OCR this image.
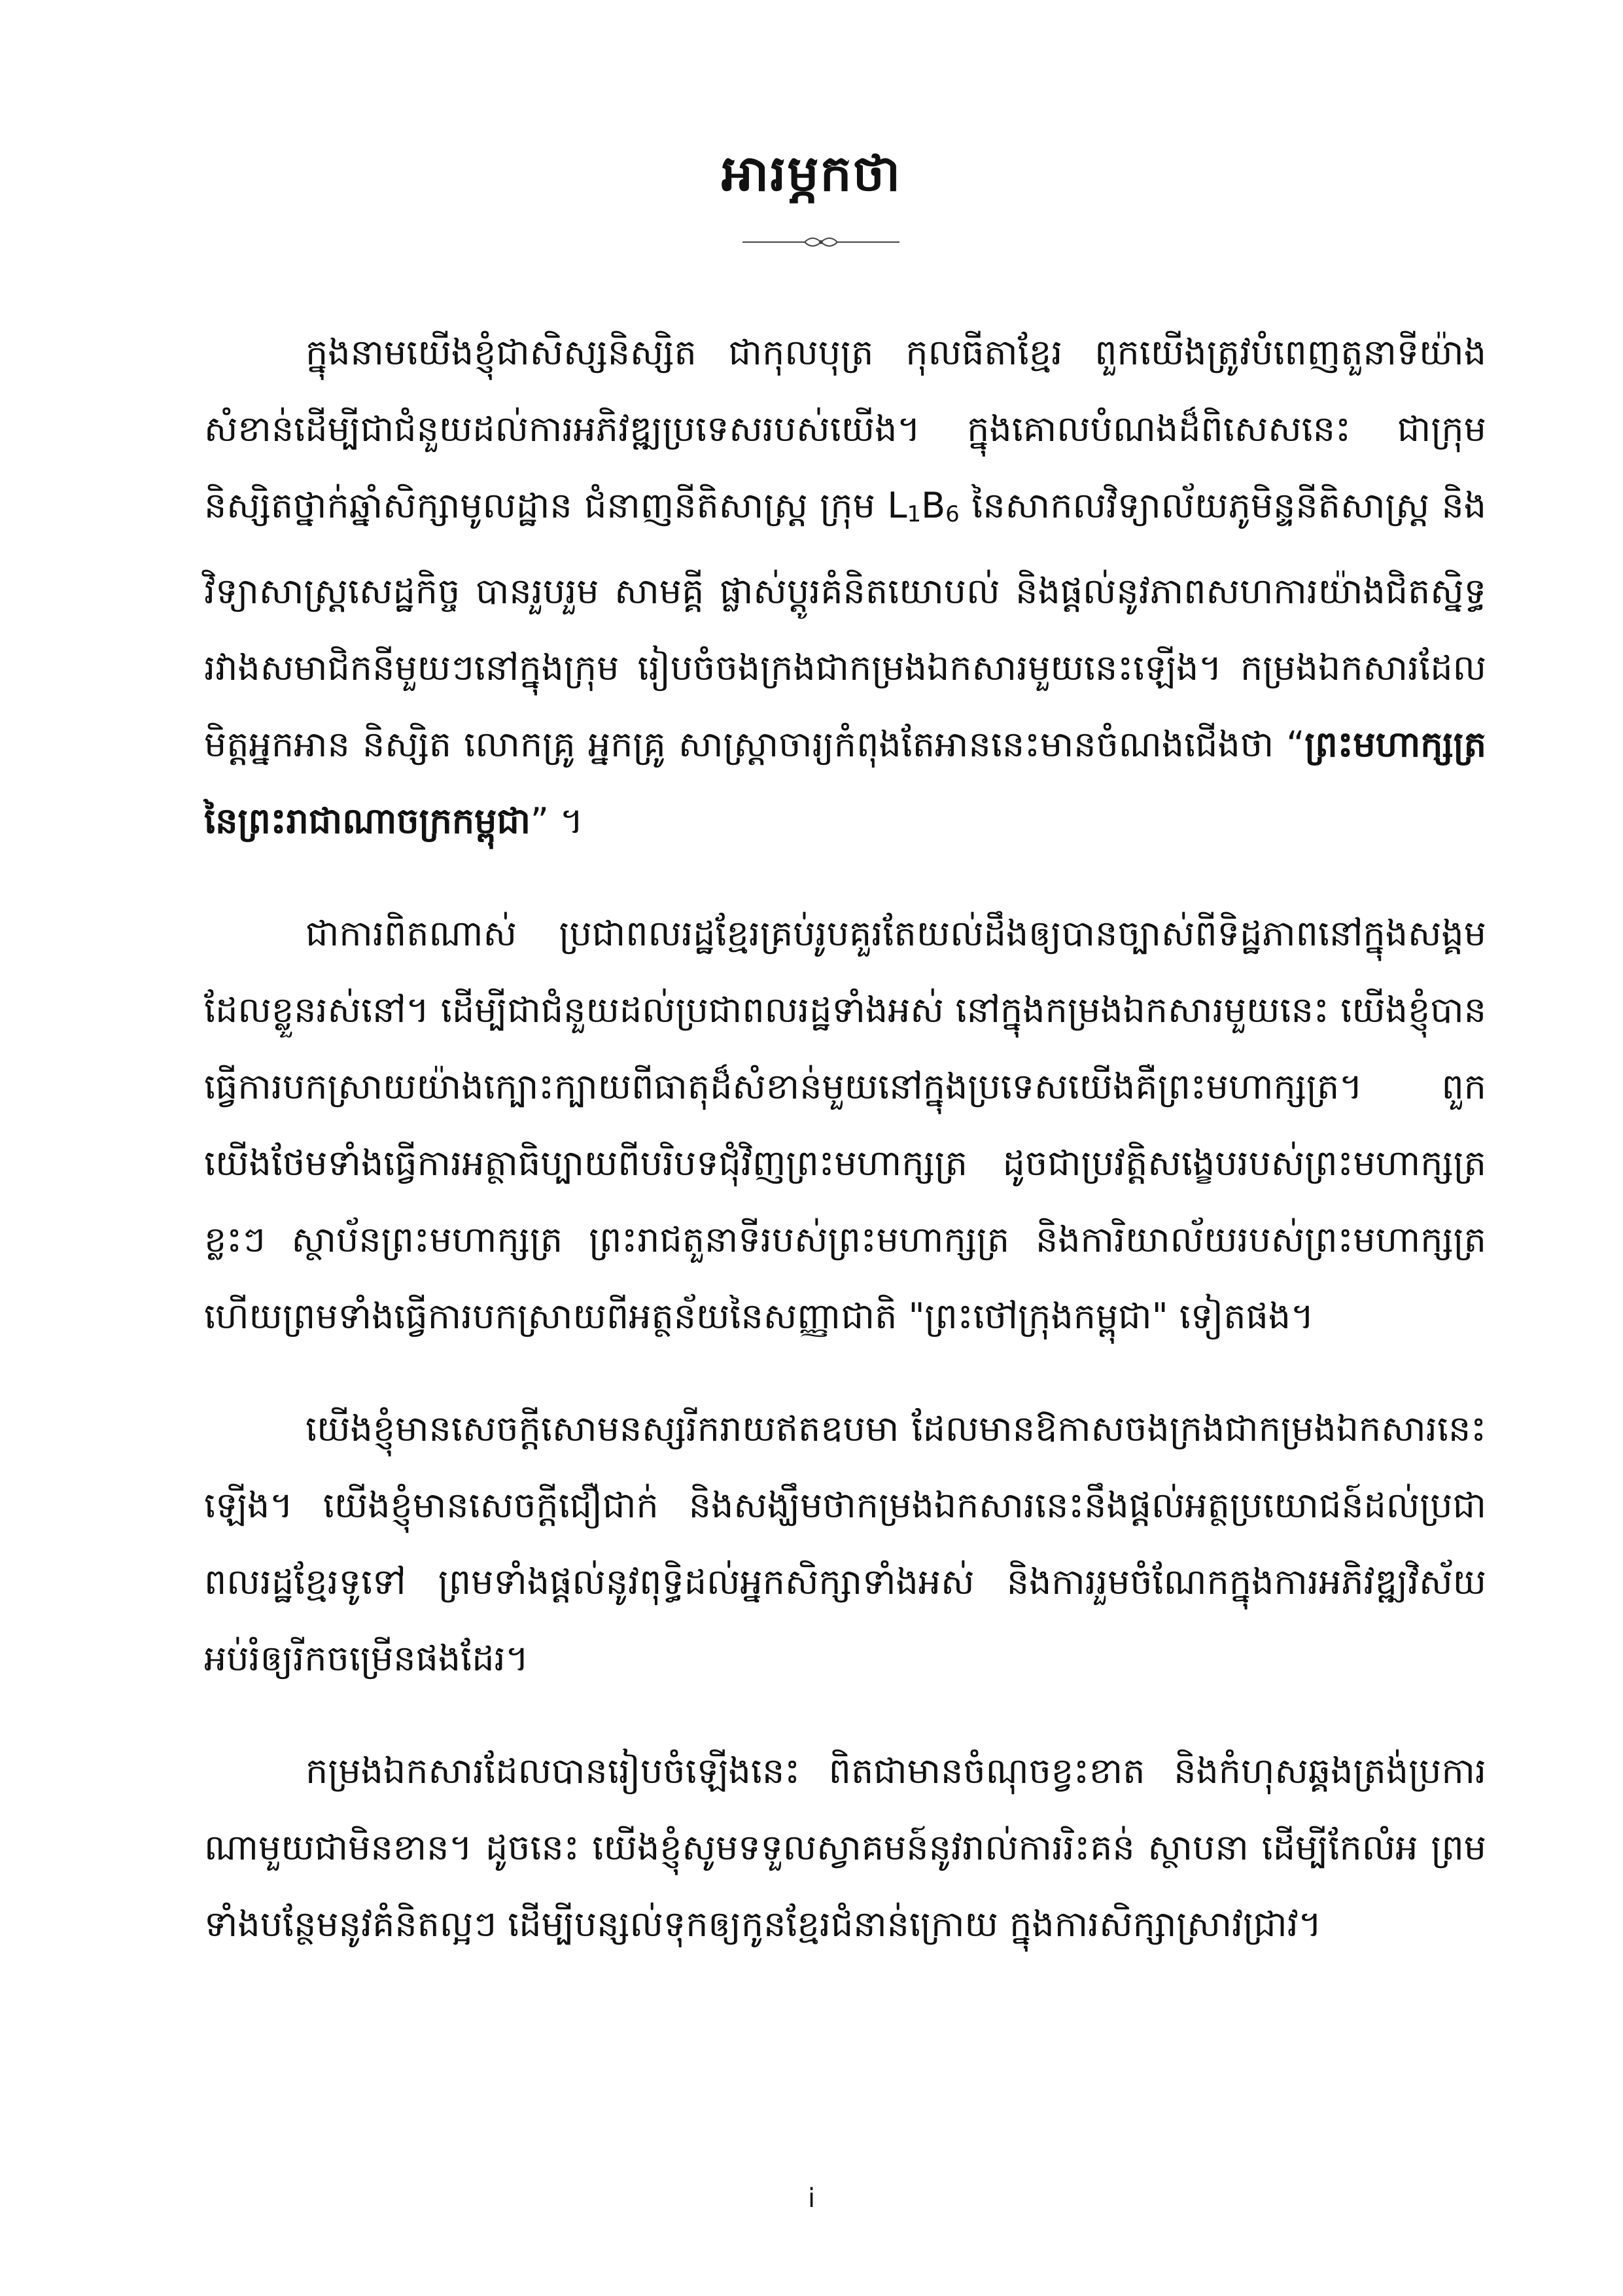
អារម្ភកថា

ក្នុងនាមយើងខ្ញុំជាសិស្សនិស្សិត ជាកុលបុត្រ កុលធីតាខ្មែរ ពួកយើងត្រូវបំពេញតួនាទីយ៉ាងសំខាន់ដើម្បីជាជំនួយដល់ការអភិវឌ្ឍប្រទេសរបស់យើង។ ក្នុងគោលបំណងដ៏ពិសេសនេះ ជាក្រុមនិស្សិតថ្នាក់ឆ្នាំសិក្សាមូលដ្ឋាន ជំនាញនីតិសាស្ត្រ ក្រុម $L_1B_6$ នៃសាកលវិទ្យាល័យភូមិន្ទនីតិសាស្ត្រ និងវិទ្យាសាស្ត្រសេដ្ឋកិច្ច បានរួបរួម សាមគ្គី ផ្លាស់ប្តូរគំនិតយោបល់ និងផ្តល់នូវភាពសហការយ៉ាងជិតស្និទ្ធរវាងសមាជិកនីមួយៗនៅក្នុងក្រុម រៀបចំចងក្រងជាកម្រងឯកសារមួយនេះឡើង។ កម្រងឯកសារដែលមិត្តអ្នកអាន និស្សិត លោកគ្រូ អ្នកគ្រូ សាស្ត្រាចារ្យកំពុងតែអាននេះមានចំណងជើងថា “ព្រះមហាក្សត្រ នៃព្រះរាជាណាចក្រកម្ពុជា” ។

ជាការពិតណាស់ ប្រជាពលរដ្ឋខ្មែរគ្រប់រូបគួរតែយល់ដឹងឲ្យបានច្បាស់ពីទិដ្ឋភាពនៅក្នុងសង្គមដែលខ្លួនរស់នៅ។ ដើម្បីជាជំនួយដល់ប្រជាពលរដ្ឋទាំងអស់ នៅក្នុងកម្រងឯកសារមួយនេះ យើងខ្ញុំបានធ្វើការបកស្រាយយ៉ាងក្បោះក្បាយពីធាតុដ៏សំខាន់មួយនៅក្នុងប្រទេសយើងគឺព្រះមហាក្សត្រ។ ពួកយើងថែមទាំងធ្វើការអត្ថាធិប្បាយពីបរិបទជុំវិញព្រះមហាក្សត្រ ដូចជាប្រវត្តិសង្ខេបរបស់ព្រះមហាក្សត្រខ្លះៗ ស្ថាប័នព្រះមហាក្សត្រ ព្រះរាជតួនាទីរបស់ព្រះមហាក្សត្រ និងការិយាល័យរបស់ព្រះមហាក្សត្រ ហើយព្រមទាំងធ្វើការបកស្រាយពីអត្ថន័យនៃសញ្ញាជាតិ "ព្រះថៅក្រុងកម្ពុជា" ទៀតផង។

យើងខ្ញុំមានសេចក្តីសោមនស្សរីករាយឥតឧបមា ដែលមានឱកាសចងក្រងជាកម្រងឯកសារនេះឡើង។ យើងខ្ញុំមានសេចក្តីជឿជាក់ និងសង្ឃឹមថាកម្រងឯកសារនេះនឹងផ្តល់អត្ថប្រយោជន៍ដល់ប្រជាពលរដ្ឋខ្មែរទូទៅ ព្រមទាំងផ្តល់នូវពុទ្ធិដល់អ្នកសិក្សាទាំងអស់ និងការរួមចំណែកក្នុងការអភិវឌ្ឍវិស័យអប់រំឲ្យរីកចម្រើនផងដែរ។

កម្រងឯកសារដែលបានរៀបចំឡើងនេះ ពិតជាមានចំណុចខ្វះខាត និងកំហុសឆ្គងត្រង់ប្រការណាមួយជាមិនខាន។ ដូចនេះ យើងខ្ញុំសូមទទួលស្វាគមន៍នូវរាល់ការរិះគន់ ស្ថាបនា ដើម្បីកែលំអ ព្រមទាំងបន្ថែមនូវគំនិតល្អៗ ដើម្បីបន្សល់ទុកឲ្យកូនខ្មែរជំនាន់ក្រោយ ក្នុងការសិក្សាស្រាវជ្រាវ។

i
